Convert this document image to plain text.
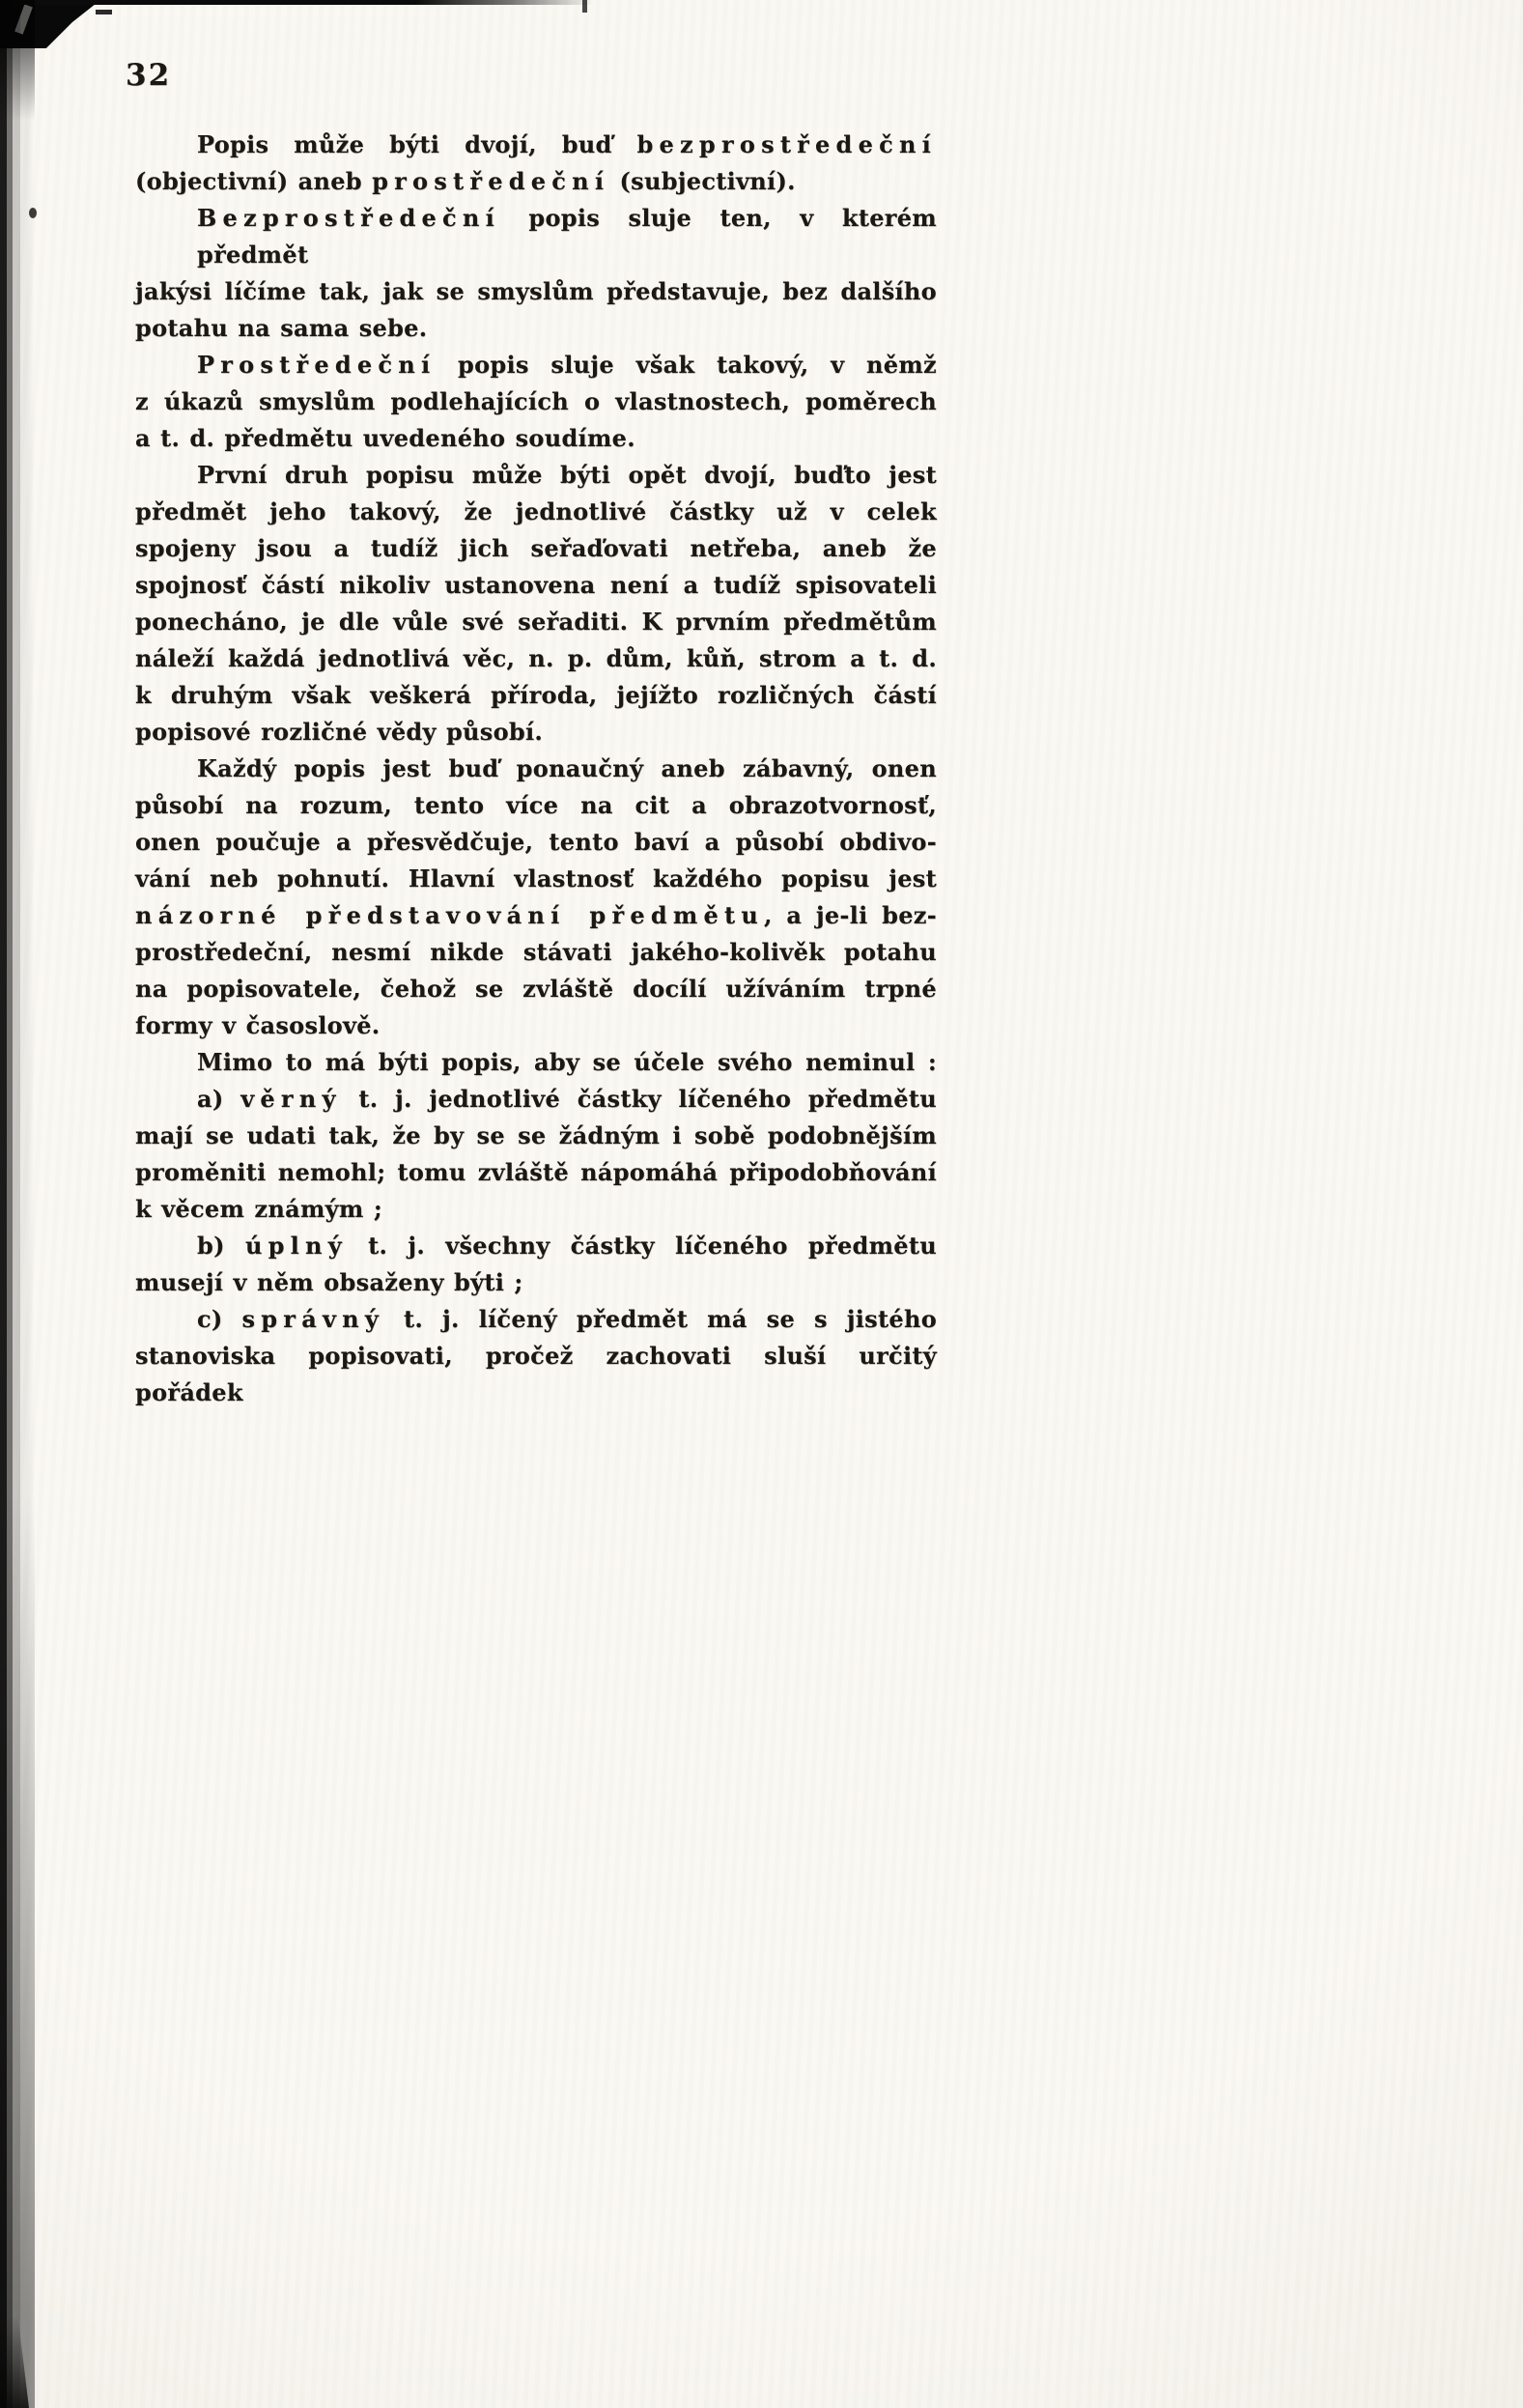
32
Popis může býti dvojí, buď bezprostředeční
(objectivní) aneb prostředeční (subjectivní).
Bezprostředeční popis sluje ten, v kterém předmět
jakýsi líčíme tak, jak se smyslům představuje, bez dalšího
potahu na sama sebe.
Prostředeční popis sluje však takový, v němž
z úkazů smyslům podlehajících o vlastnostech, poměrech
a t. d. předmětu uvedeného soudíme.
První druh popisu může býti opět dvojí, buďto jest
předmět jeho takový, že jednotlivé částky už v celek
spojeny jsou a tudíž jich seřaďovati netřeba, aneb že
spojnosť částí nikoliv ustanovena není a tudíž spisovateli
ponecháno, je dle vůle své seřaditi. K prvním předmětům
náleží každá jednotlivá věc, n. p. dům, kůň, strom a t. d.
k druhým však veškerá příroda, jejížto rozličných částí
popisové rozličné vědy působí.
Každý popis jest buď ponaučný aneb zábavný, onen
působí na rozum, tento více na cit a obrazotvornosť,
onen poučuje a přesvědčuje, tento baví a působí obdivo-
vání neb pohnutí. Hlavní vlastnosť každého popisu jest
názorné představování předmětu, a je-li bez-
prostředeční, nesmí nikde stávati jakého-kolivěk potahu
na popisovatele, čehož se zvláště docílí užíváním trpné
formy v časoslově.
Mimo to má býti popis, aby se účele svého neminul :
a) věrný t. j. jednotlivé částky líčeného předmětu
mají se udati tak, že by se se žádným i sobě podobnějším
proměniti nemohl; tomu zvláště nápomáhá připodobňování
k věcem známým ;
b) úplný t. j. všechny částky líčeného předmětu
musejí v něm obsaženy býti ;
c) správný t. j. líčený předmět má se s jistého
stanoviska popisovati, pročež zachovati sluší určitý pořádek
